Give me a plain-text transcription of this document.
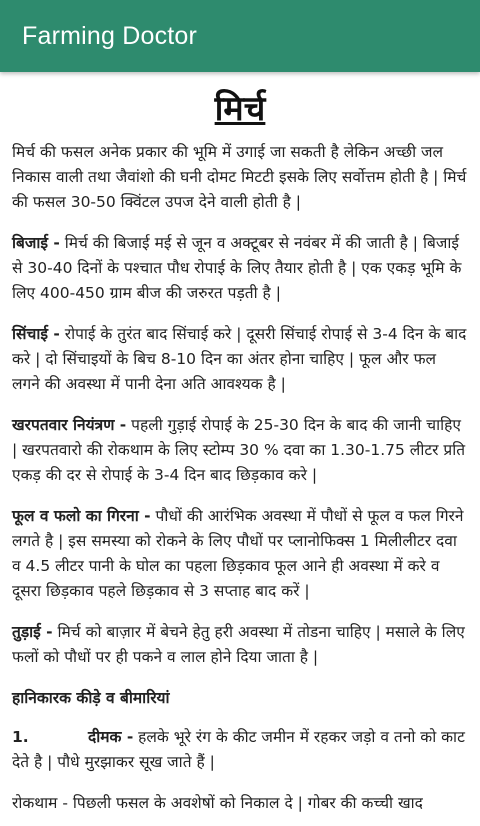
Farming Doctor
मिर्च

मिर्च की फसल अनेक प्रकार की भूमि में उगाई जा सकती है लेकिन अच्छी जल निकास वाली तथा जैवांशो की घनी दोमट मिटटी इसके लिए सर्वोत्तम होती है | मिर्च की फसल 30-50 क्विंटल उपज देने वाली होती है |

बिजाई - मिर्च की बिजाई मई से जून व अक्टूबर से नवंबर में की जाती है | बिजाई से 30-40 दिनों के पश्चात पौध रोपाई के लिए तैयार होती है | एक एकड़ भूमि के लिए 400-450 ग्राम बीज की जरुरत पड़ती है |

सिंचाई - रोपाई के तुरंत बाद सिंचाई करे | दूसरी सिंचाई रोपाई से 3-4 दिन के बाद करे | दो सिंचाइयों के बिच 8-10 दिन का अंतर होना चाहिए | फूल और फल लगने की अवस्था में पानी देना अति आवश्यक है |

खरपतवार नियंत्रण - पहली गुड़ाई रोपाई के 25-30 दिन के बाद की जानी चाहिए | खरपतवारो की रोकथाम के लिए स्टोम्प 30 % दवा का 1.30-1.75 लीटर प्रति एकड़ की दर से रोपाई के 3-4 दिन बाद छिड़काव करे |

फूल व फलो का गिरना - पौधों की आरंभिक अवस्था में पौधों से फूल व फल गिरने लगते है | इस समस्या को रोकने के लिए पौधों पर प्लानोफिक्स 1 मिलीलीटर दवा व 4.5 लीटर पानी के घोल का पहला छिड़काव फूल आने ही अवस्था में करे व दूसरा छिड़काव पहले छिड़काव से 3 सप्ताह बाद करें |

तुड़ाई - मिर्च को बाज़ार में बेचने हेतु हरी अवस्था में तोडना चाहिए | मसाले के लिए फलों को पौधों पर ही पकने व लाल होने दिया जाता है |

हानिकारक कीड़े व बीमारियां

1.	दीमक - हलके भूरे रंग के कीट जमीन में रहकर जड़ो व तनो को काट देते है | पौधे मुरझाकर सूख जाते हैं |

रोकथाम - पिछली फसल के अवशेषों को निकाल दे | गोबर की कच्ची खाद
